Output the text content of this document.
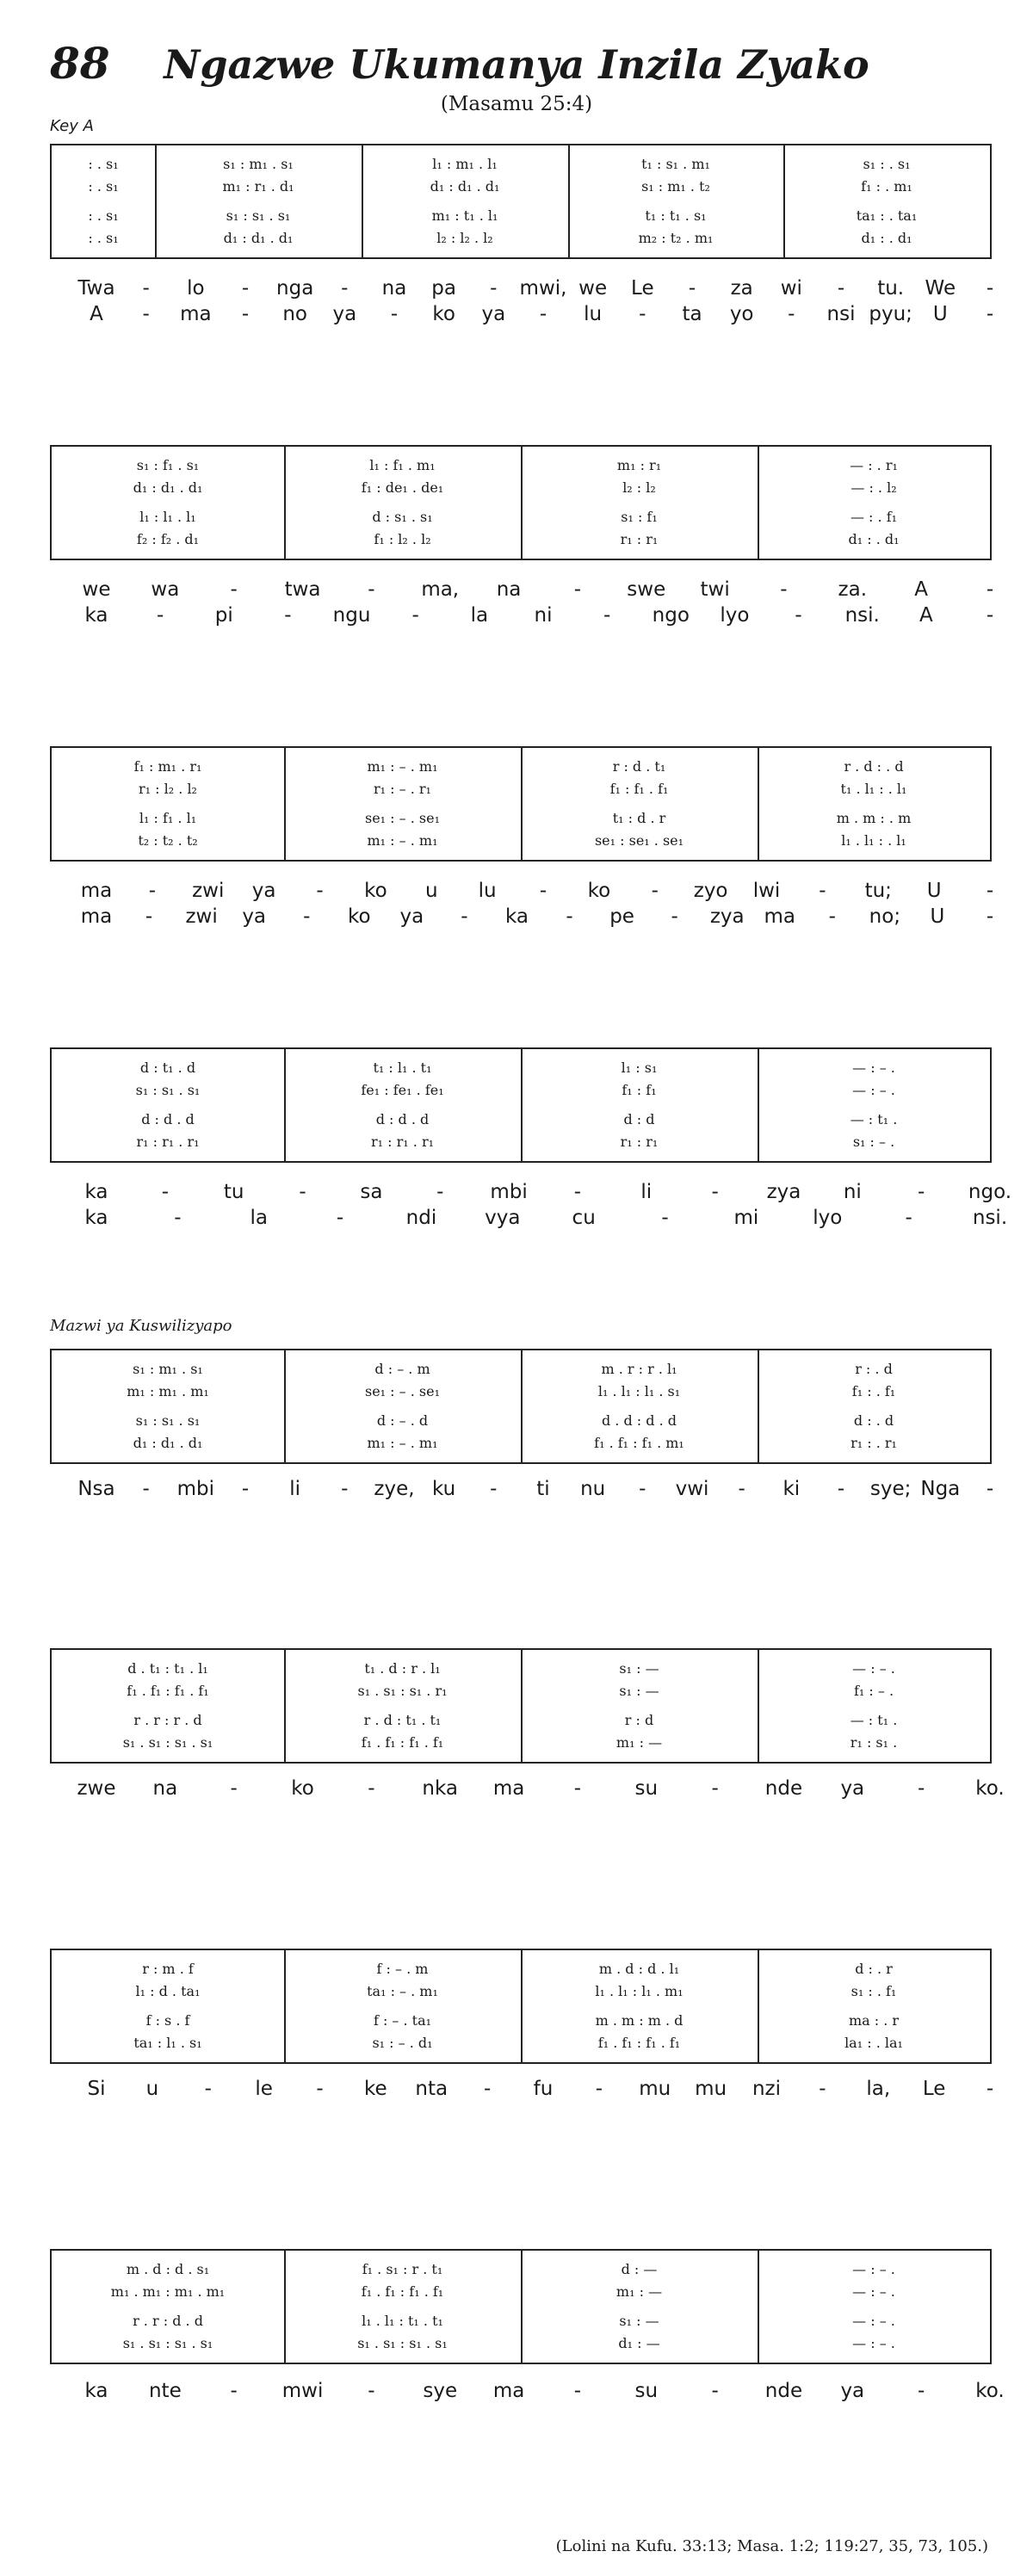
88	Ngazwe Ukumanya Inzila Zyako
(Masamu 25:4)
Key A
Mazwi ya Kuswilizyapo
: . s₁	s₁ : m₁ . s₁	l₁ : m₁ . l₁	t₁ : s₁ . m₁	s₁ : . s₁
: . s₁	m₁ : r₁ . d₁	d₁ : d₁ . d₁	s₁ : m₁ . t₂	f₁ : . m₁
: . s₁	s₁ : s₁ . s₁	m₁ : t₁ . l₁	t₁ : t₁ . s₁	ta₁ : . ta₁
: . s₁	d₁ : d₁ . d₁	l₂ : l₂ . l₂	m₂ : t₂ . m₁	d₁ : . d₁
Twa - lo - nga - na pa - mwi, we Le - za wi - tu. We -
A - ma - no ya - ko ya - lu - ta yo - nsi pyu; U -
s₁ : f₁ . s₁	l₁ : f₁ . m₁	m₁ : r₁	— : . r₁
d₁ : d₁ . d₁	f₁ : de₁ . de₁	l₂ : l₂	— : . l₂
l₁ : l₁ . l₁	d : s₁ . s₁	s₁ : f₁	— : . f₁
f₂ : f₂ . d₁	f₁ : l₂ . l₂	r₁ : r₁	d₁ : . d₁
we wa	- twa - ma, na	- swe twi	-	za. A	-
ka -	pi	- ngu -	la ni	- ngo lyo - nsi. A	-
f₁ : m₁ . r₁	m₁ : – . m₁	r : d . t₁	r . d : . d
r₁ : l₂ . l₂	r₁ : – . r₁	f₁ : f₁ . f₁	t₁ . l₁ : . l₁
l₁ : f₁ . l₁	se₁ : – . se₁	t₁ : d . r	m . m : . m
t₂ : t₂ . t₂	m₁ : – . m₁	se₁ : se₁ . se₁	l₁ . l₁ : . l₁
ma - zwi ya - ko u lu - ko - zyo lwi - tu; U -
ma - zwi ya - ko ya - ka - pe - zya ma - no; U -
d : t₁ . d	t₁ : l₁ . t₁	l₁ : s₁	— : – .
s₁ : s₁ . s₁	fe₁ : fe₁ . fe₁	f₁ : f₁	— : – .
d : d . d	d : d . d	d : d	— : t₁ .
r₁ : r₁ . r₁	r₁ : r₁ . r₁	r₁ : r₁	s₁ : – .
ka	-	tu	-	sa	- mbi -	li	- zya ni	- ngo.
ka	-	la	-	ndi vya	cu	-	mi	lyo	-	nsi.
s₁ : m₁ . s₁	d : – . m	m . r : r . l₁	r : . d
m₁ : m₁ . m₁	se₁ : – . se₁	l₁ . l₁ : l₁ . s₁	f₁ : . f₁
s₁ : s₁ . s₁	d : – . d	d . d : d . d	d : . d
d₁ : d₁ . d₁	m₁ : – . m₁	f₁ . f₁ : f₁ . m₁	r₁ : . r₁
Nsa - mbi - li - zye, ku - ti nu - vwi - ki - sye; Nga -
d . t₁ : t₁ . l₁	t₁ . d : r . l₁	s₁ : —	— : – .
f₁ . f₁ : f₁ . f₁	s₁ . s₁ : s₁ . r₁	s₁ : —	f₁ : – .
r . r : r . d	r . d : t₁ . t₁	r : d	— : t₁ .
s₁ . s₁ : s₁ . s₁	f₁ . f₁ : f₁ . f₁	m₁ : —	r₁ : s₁ .
zwe na	-	ko	- nka ma -	su	- nde ya	-	ko.
r : m . f	f : – . m	m . d : d . l₁	d : . r
l₁ : d . ta₁	ta₁ : – . m₁	l₁ . l₁ : l₁ . m₁	s₁ : . f₁
f : s . f	f : – . ta₁	m . m : m . d	ma : . r
ta₁ : l₁ . s₁	s₁ : – . d₁	f₁ . f₁ : f₁ . f₁	la₁ : . la₁
Si u - le - ke nta - fu - mu mu nzi - la, Le -
m . d : d . s₁	f₁ . s₁ : r . t₁	d : —	— : – .
m₁ . m₁ : m₁ . m₁	f₁ . f₁ : f₁ . f₁	m₁ : —	— : – .
r . r : d . d	l₁ . l₁ : t₁ . t₁	s₁ : —	— : – .
s₁ . s₁ : s₁ . s₁	s₁ . s₁ : s₁ . s₁	d₁ : —	— : – .
ka nte - mwi - sye ma -	su	- nde ya	-	ko.
(Lolini na Kufu. 33:13; Masa. 1:2; 119:27, 35, 73, 105.)
